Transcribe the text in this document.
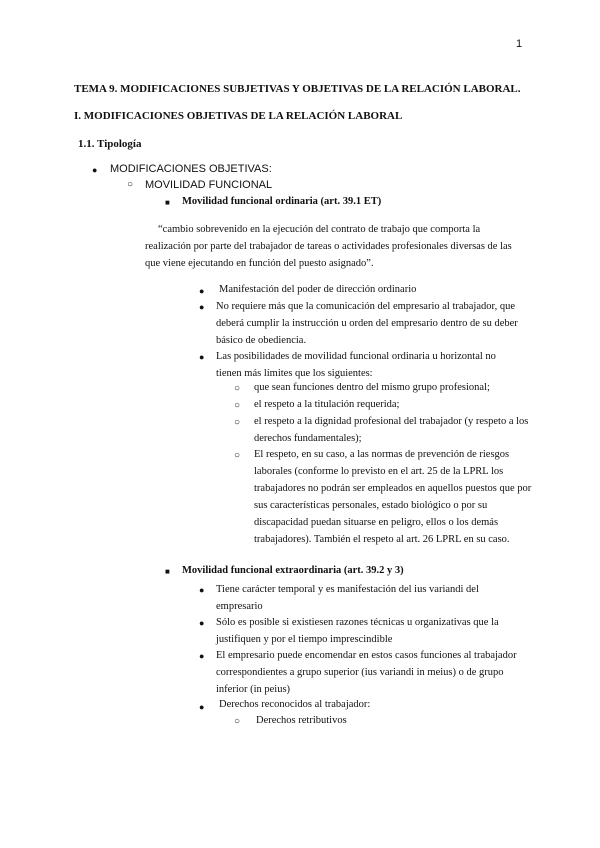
1
TEMA 9. MODIFICACIONES SUBJETIVAS Y OBJETIVAS DE LA RELACIÓN LABORAL.
I. MODIFICACIONES OBJETIVAS DE LA RELACIÓN LABORAL
1.1. Tipología
● MODIFICACIONES OBJETIVAS:
○ MOVILIDAD FUNCIONAL
■ Movilidad funcional ordinaria (art. 39.1 ET)
“cambio sobrevenido en la ejecución del contrato de trabajo que comporta la realización por parte del trabajador de tareas o actividades profesionales diversas de las que viene ejecutando en función del puesto asignado”.
● Manifestación del poder de dirección ordinario
● No requiere más que la comunicación del empresario al trabajador, que deberá cumplir la instrucción u orden del empresario dentro de su deber básico de obediencia.
● Las posibilidades de movilidad funcional ordinaria u horizontal no tienen más límites que los siguientes:
○ que sean funciones dentro del mismo grupo profesional;
○ el respeto a la titulación requerida;
○ el respeto a la dignidad profesional del trabajador (y respeto a los derechos fundamentales);
○ El respeto, en su caso, a las normas de prevención de riesgos laborales (conforme lo previsto en el art. 25 de la LPRL los trabajadores no podrán ser empleados en aquellos puestos que por sus características personales, estado biológico o por su discapacidad puedan situarse en peligro, ellos o los demás trabajadores). También el respeto al art. 26 LPRL en su caso.
■ Movilidad funcional extraordinaria (art. 39.2 y 3)
● Tiene carácter temporal y es manifestación del ius variandi del empresario
● Sólo es posible si existiesen razones técnicas u organizativas que la justifiquen y por el tiempo imprescindible
● El empresario puede encomendar en estos casos funciones al trabajador correspondientes a grupo superior (ius variandi in meius) o de grupo inferior (in peius)
● Derechos reconocidos al trabajador:
○ Derechos retributivos
